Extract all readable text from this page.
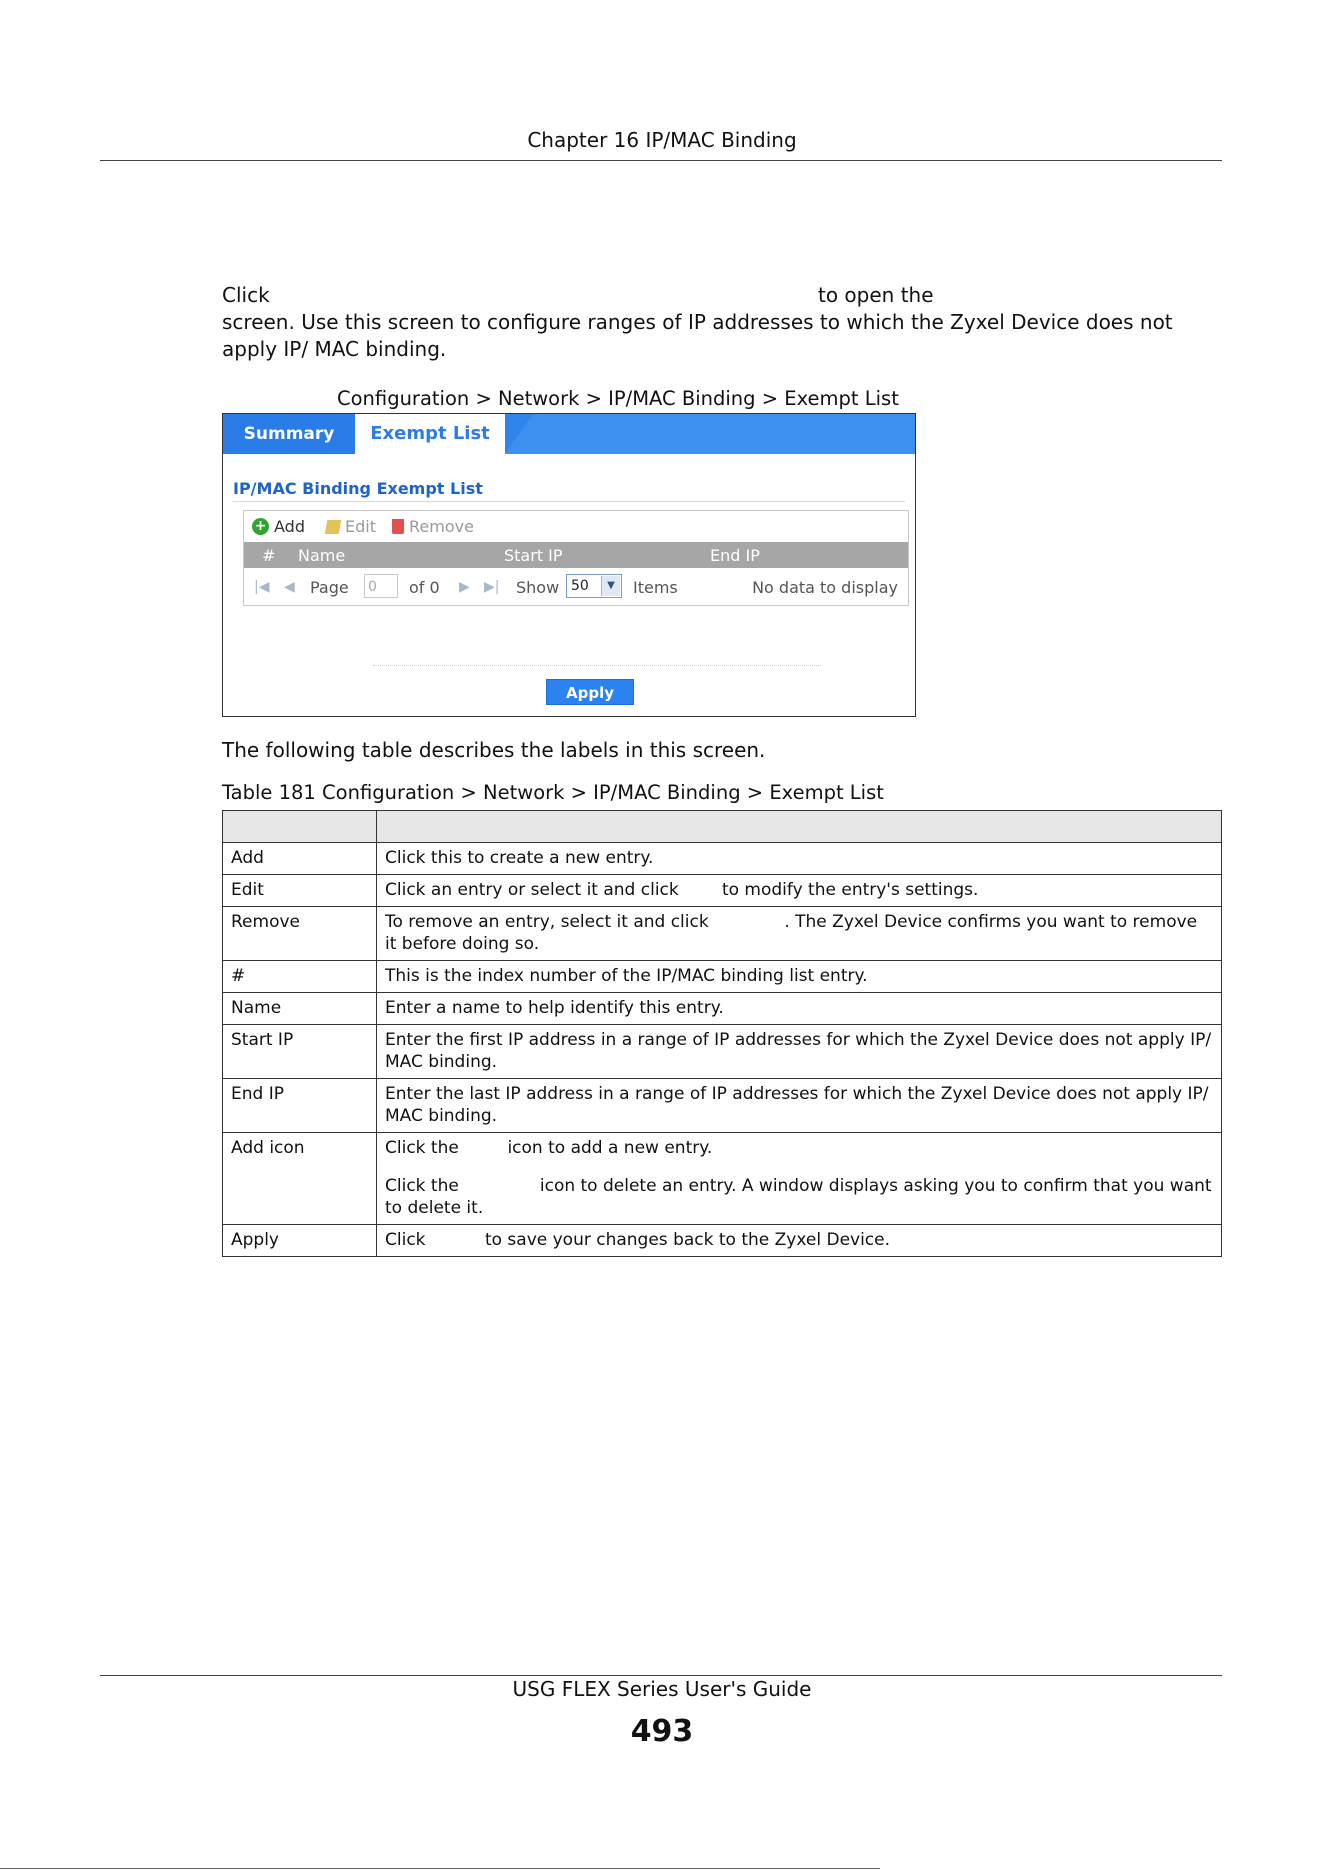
Chapter 16 IP/MAC Binding
Click	to open the
screen. Use this screen to configure ranges of IP addresses to which the Zyxel Device does not apply IP/ MAC binding.
Configuration > Network > IP/MAC Binding > Exempt List
Summary	Exempt List
IP/MAC Binding Exempt List
+ Add	Edit Remove
# Name	Start IP	End IP
|◀ ◀ Page 0	of 0 ▶ ▶| Show 50	▼	Items	No data to display
Apply
The following table describes the labels in this screen.
Table 181 Configuration > Network > IP/MAC Binding > Exempt List

Add	Click this to create a new entry.
Edit	Click an entry or select it and click        to modify the entry's settings.
Remove	To remove an entry, select it and click              . The Zyxel Device confirms you want to remove it before doing so.
#	This is the index number of the IP/MAC binding list entry.
Name	Enter a name to help identify this entry.
Start IP	Enter the first IP address in a range of IP addresses for which the Zyxel Device does not apply IP/ MAC binding.
End IP	Enter the last IP address in a range of IP addresses for which the Zyxel Device does not apply IP/ MAC binding.
Add icon	Click the         icon to add a new entry.
Click the               icon to delete an entry. A window displays asking you to confirm that you want to delete it.

Apply	Click           to save your changes back to the Zyxel Device.
USG FLEX Series User's Guide
493
